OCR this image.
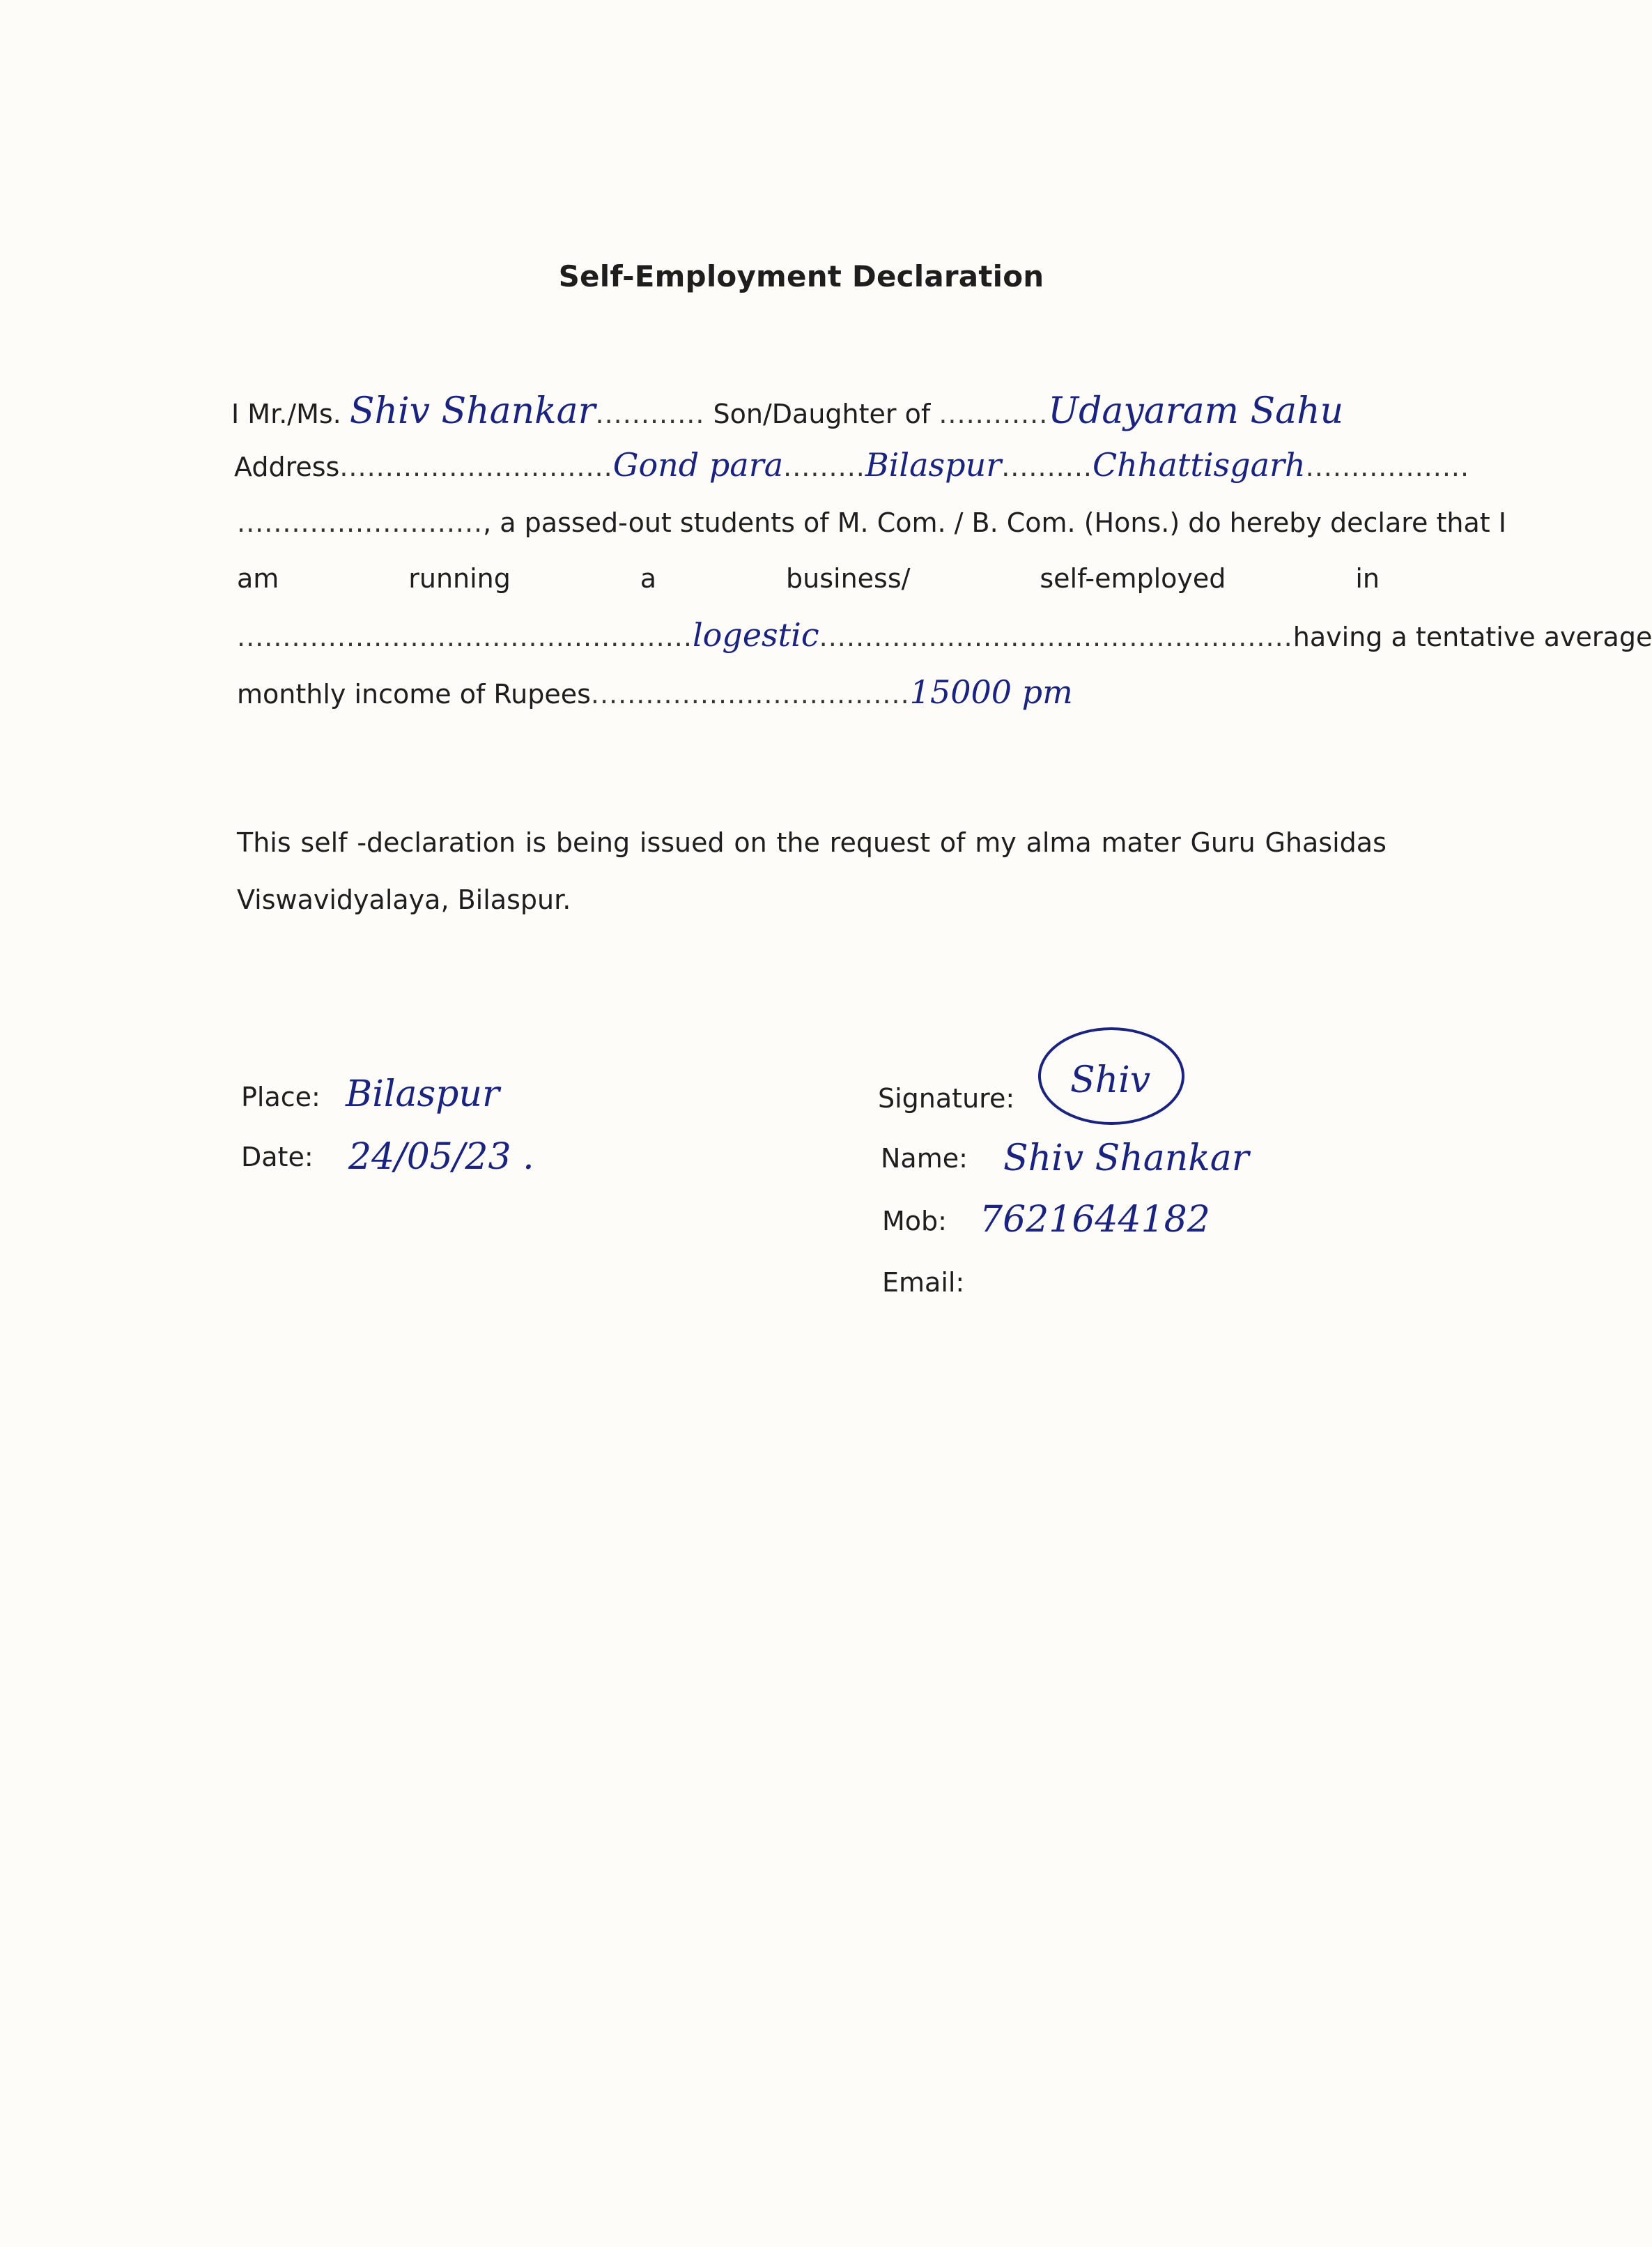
Self-Employment Declaration
I Mr./Ms. Shiv Shankar............ Son/Daughter of ............Udayaram Sahu
Address..............................Gond para.........Bilaspur..........Chhattisgarh..................
..........................., a passed-out students of M. Com. / B. Com. (Hons.) do hereby declare that I
am	running	a	business/	self-employed	in
..................................................logestic....................................................having a tentative average
monthly income of Rupees...................................15000 pm
This self -declaration is being issued on the request of my alma mater Guru Ghasidas
Viswavidyalaya, Bilaspur.
Place: Bilaspur
Date: 24/05/23 .
Signature: Shiv
Name: Shiv Shankar
Mob: 7621644182
Email:
